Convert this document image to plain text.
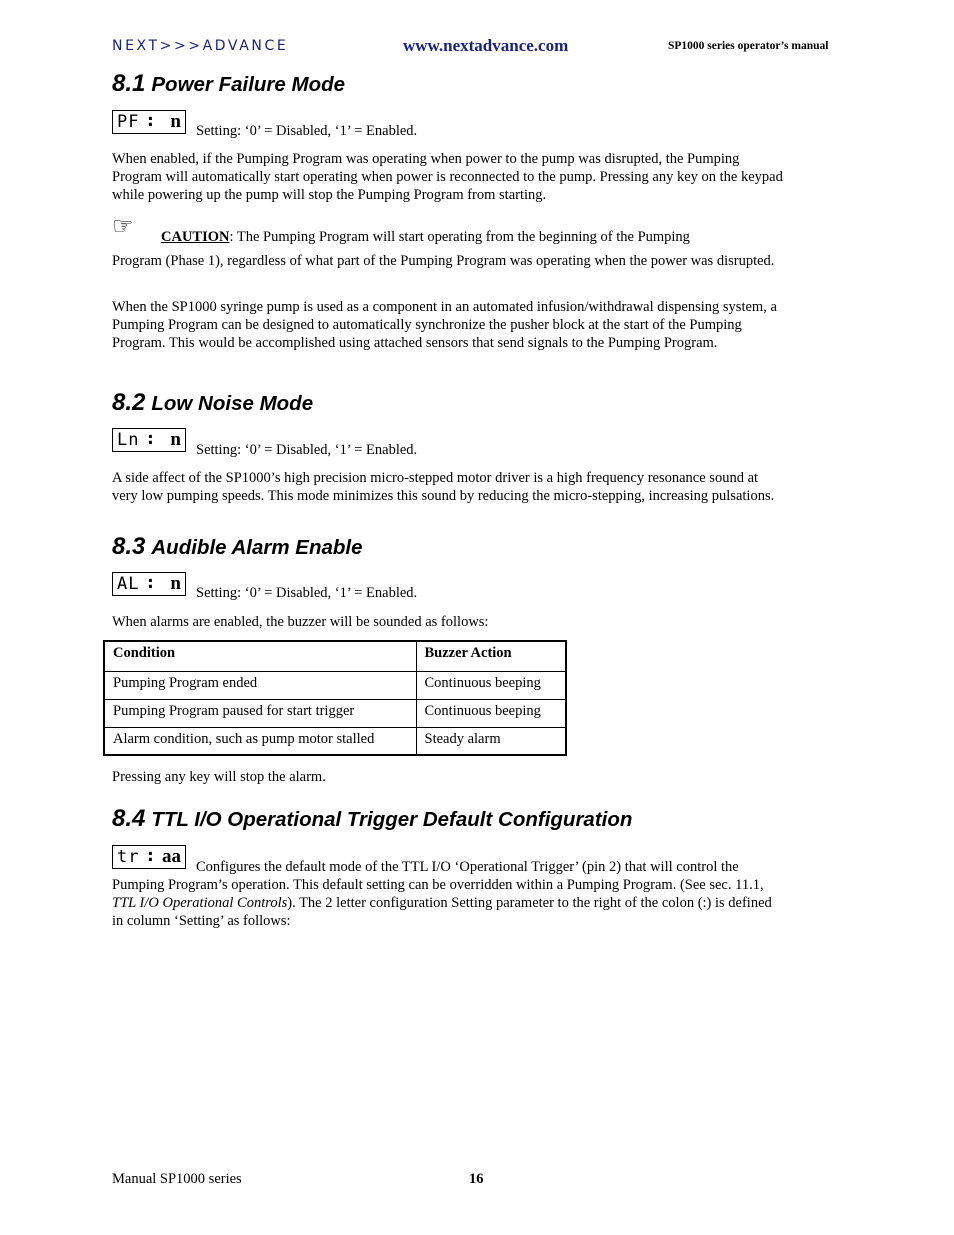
NEXT>>>ADVANCE	www.nextadvance.com	SP1000 series operator’s manual
8.1 Power Failure Mode
PF : n Setting: ‘0’ = Disabled, ‘1’ = Enabled.

When enabled, if the Pumping Program was operating when power to the pump was disrupted, the Pumping Program will automatically start operating when power is reconnected to the pump. Pressing any key on the keypad while powering up the pump will stop the Pumping Program from starting.

☞ CAUTION: The Pumping Program will start operating from the beginning of the Pumping

Program (Phase 1), regardless of what part of the Pumping Program was operating when the power was disrupted.

When the SP1000 syringe pump is used as a component in an automated infusion/withdrawal dispensing system, a Pumping Program can be designed to automatically synchronize the pusher block at the start of the Pumping Program. This would be accomplished using attached sensors that send signals to the Pumping Program.

8.2 Low Noise Mode
Ln : n Setting: ‘0’ = Disabled, ‘1’ = Enabled.

A side affect of the SP1000’s high precision micro-stepped motor driver is a high frequency resonance sound at very low pumping speeds. This mode minimizes this sound by reducing the micro-stepping, increasing pulsations.

8.3 Audible Alarm Enable
AL : n Setting: ‘0’ = Disabled, ‘1’ = Enabled.

When alarms are enabled, the buzzer will be sounded as follows:

Condition	Buzzer Action
Pumping Program ended	Continuous beeping
Pumping Program paused for start trigger	Continuous beeping
Alarm condition, such as pump motor stalled	Steady alarm

Pressing any key will stop the alarm.

8.4 TTL I/O Operational Trigger Default Configuration
tr : aa Configures the default mode of the TTL I/O ‘Operational Trigger’ (pin 2) that will control the

Pumping Program’s operation. This default setting can be overridden within a Pumping Program. (See sec. 11.1, TTL I/O Operational Controls). The 2 letter configuration Setting parameter to the right of the colon (:) is defined in column ‘Setting’ as follows:

Manual SP1000 series	16
